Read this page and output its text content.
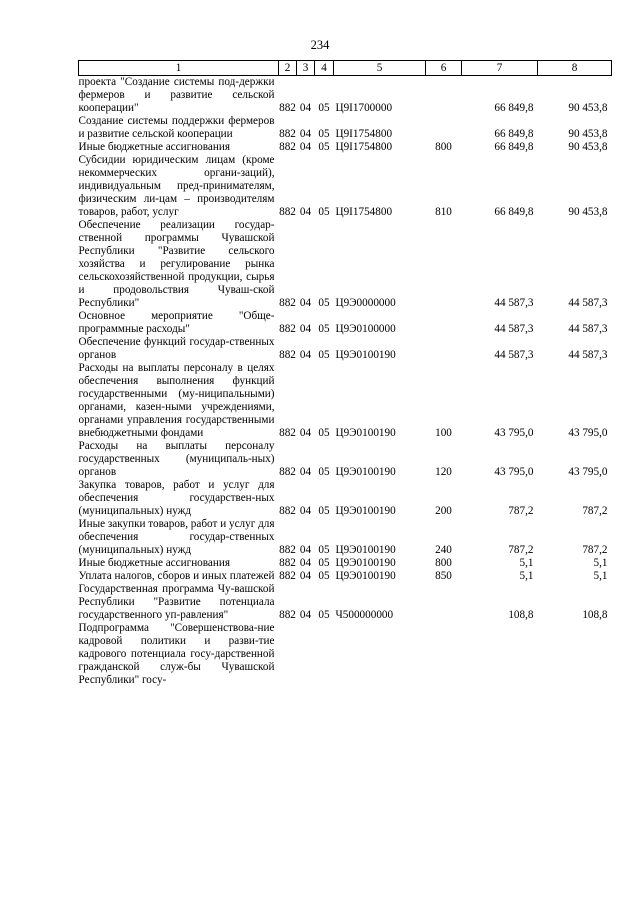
234
1	2	3	4	5	6	7	8
проекта "Создание системы под-держки фермеров и развитие сельской кооперации"	882	04	05	Ц9I1700000		66 849,8	90 453,8
Создание системы поддержки фермеров и развитие сельской кооперации	882	04	05	Ц9I1754800		66 849,8	90 453,8
Иные бюджетные ассигнования	882	04	05	Ц9I1754800	800	66 849,8	90 453,8
Субсидии юридическим лицам (кроме некоммерческих органи-заций), индивидуальным пред-принимателям, физическим ли-цам – производителям товаров, работ, услуг	882	04	05	Ц9I1754800	810	66 849,8	90 453,8
Обеспечение реализации государ-ственной программы Чувашской Республики "Развитие сельского хозяйства и регулирование рынка сельскохозяйственной продукции, сырья и продовольствия Чуваш-ской Республики"	882	04	05	Ц9Э0000000		44 587,3	44 587,3
Основное мероприятие "Обще-программные расходы"	882	04	05	Ц9Э0100000		44 587,3	44 587,3
Обеспечение функций государ-ственных органов	882	04	05	Ц9Э0100190		44 587,3	44 587,3
Расходы на выплаты персоналу в целях обеспечения выполнения функций государственными (му-ниципальными) органами, казен-ными учреждениями, органами управления государственными внебюджетными фондами	882	04	05	Ц9Э0100190	100	43 795,0	43 795,0
Расходы на выплаты персоналу государственных (муниципаль-ных) органов	882	04	05	Ц9Э0100190	120	43 795,0	43 795,0
Закупка товаров, работ и услуг для обеспечения государствен-ных (муниципальных) нужд	882	04	05	Ц9Э0100190	200	787,2	787,2
Иные закупки товаров, работ и услуг для обеспечения государ-ственных (муниципальных) нужд	882	04	05	Ц9Э0100190	240	787,2	787,2
Иные бюджетные ассигнования	882	04	05	Ц9Э0100190	800	5,1	5,1
Уплата налогов, сборов и иных платежей	882	04	05	Ц9Э0100190	850	5,1	5,1
Государственная программа Чу-вашской Республики "Развитие потенциала государственного уп-равления"	882	04	05	Ч500000000		108,8	108,8
Подпрограмма "Совершенствова-ние кадровой политики и разви-тие кадрового потенциала госу-дарственной гражданской служ-бы Чувашской Республики" госу-							
